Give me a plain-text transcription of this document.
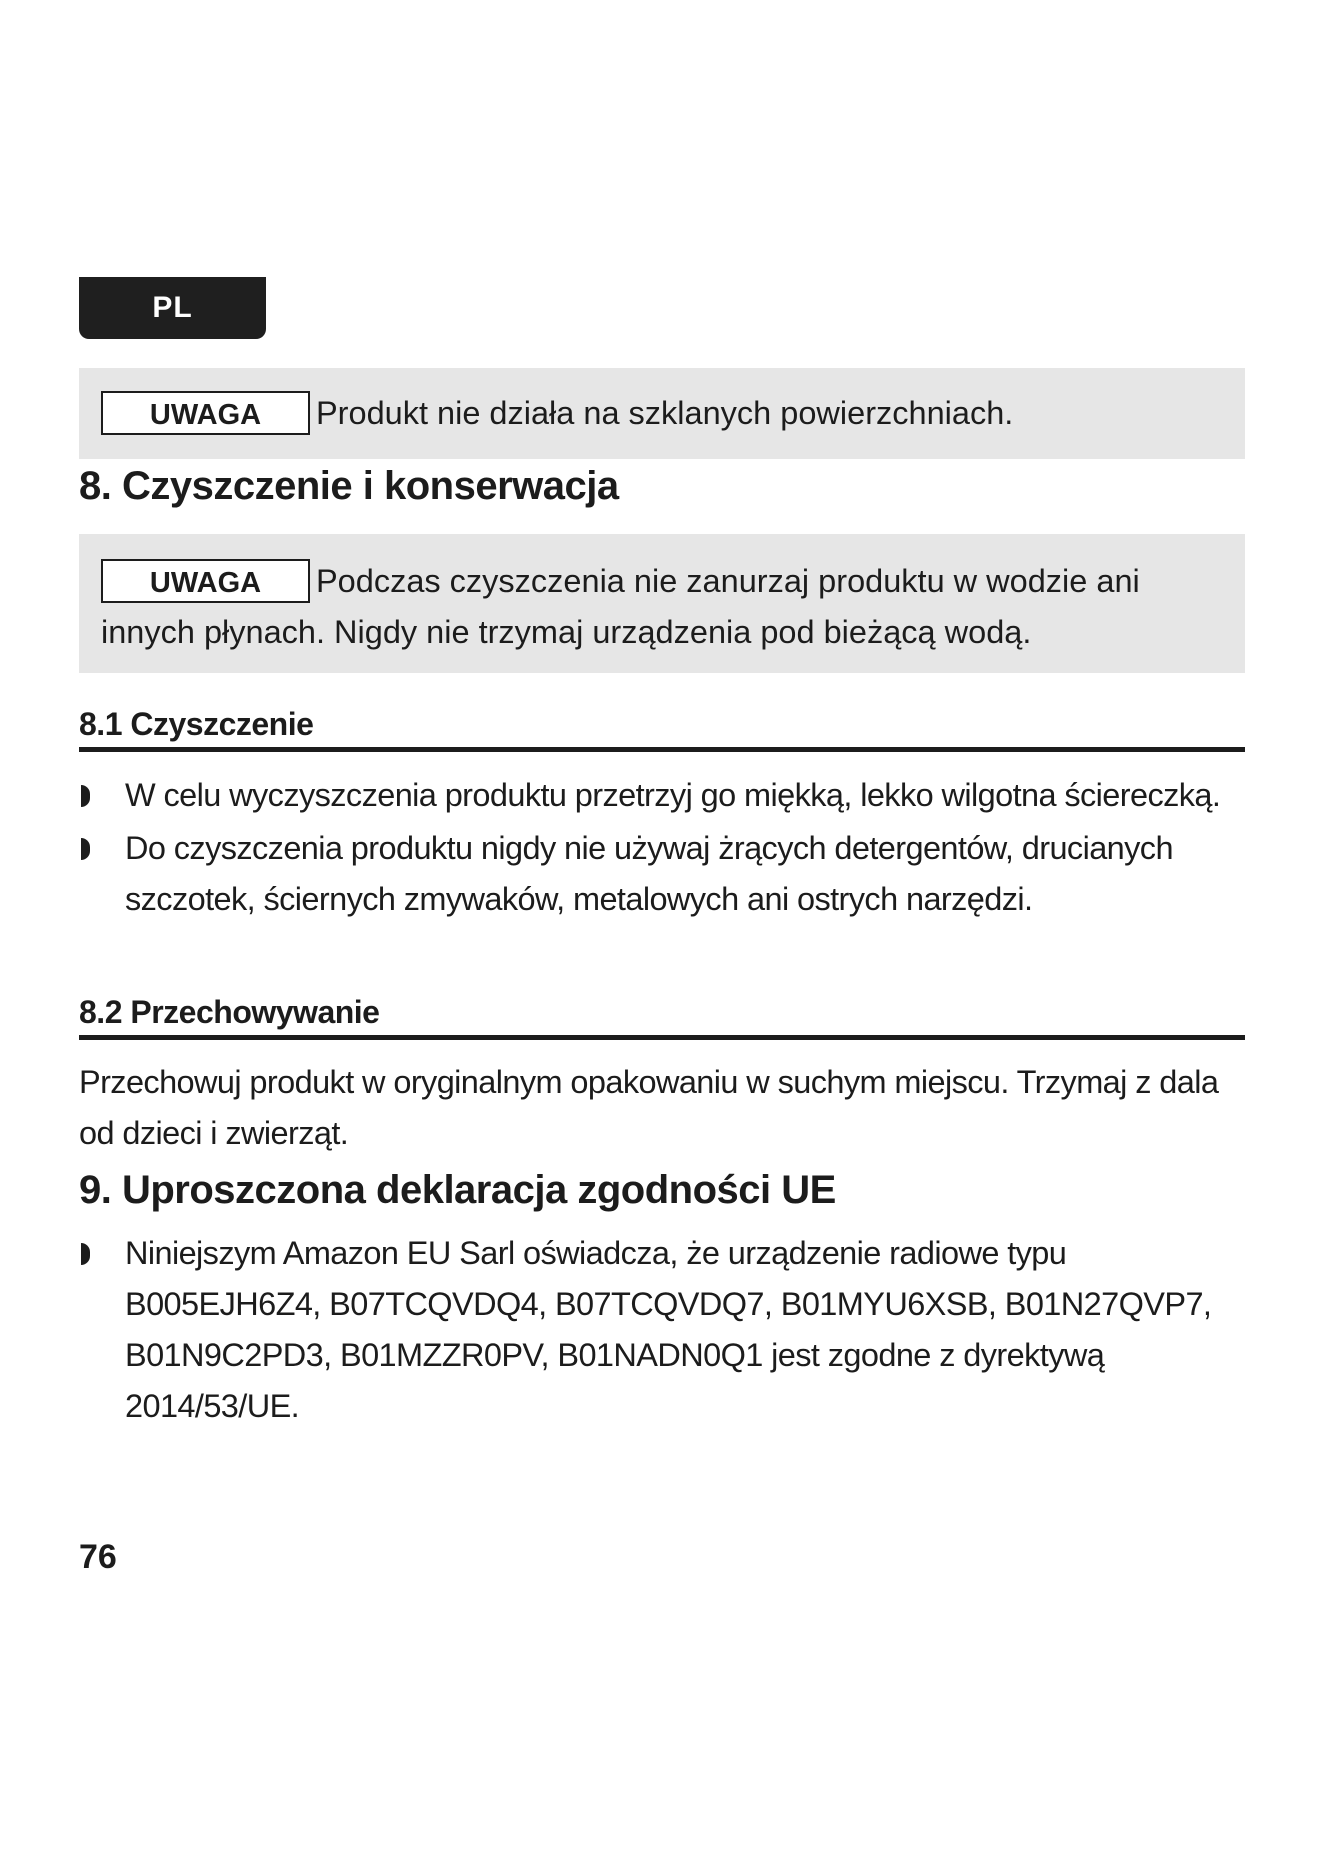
PL
UWAGA Produkt nie działa na szklanych powierzchniach.
8. Czyszczenie i konserwacja
UWAGA Podczas czyszczenia nie zanurzaj produktu w wodzie ani innych płynach. Nigdy nie trzymaj urządzenia pod bieżącą wodą.
8.1 Czyszczenie
W celu wyczyszczenia produktu przetrzyj go miękką, lekko wilgotna ściereczką.
Do czyszczenia produktu nigdy nie używaj żrących detergentów, drucianych szczotek, ściernych zmywaków, metalowych ani ostrych narzędzi.
8.2 Przechowywanie
Przechowuj produkt w oryginalnym opakowaniu w suchym miejscu. Trzymaj z dala od dzieci i zwierząt.
9. Uproszczona deklaracja zgodności UE
Niniejszym Amazon EU Sarl oświadcza, że urządzenie radiowe typu B005EJH6Z4, B07TCQVDQ4, B07TCQVDQ7, B01MYU6XSB, B01N27QVP7, B01N9C2PD3, B01MZZR0PV, B01NADN0Q1 jest zgodne z dyrektywą 2014/53/UE.
76
